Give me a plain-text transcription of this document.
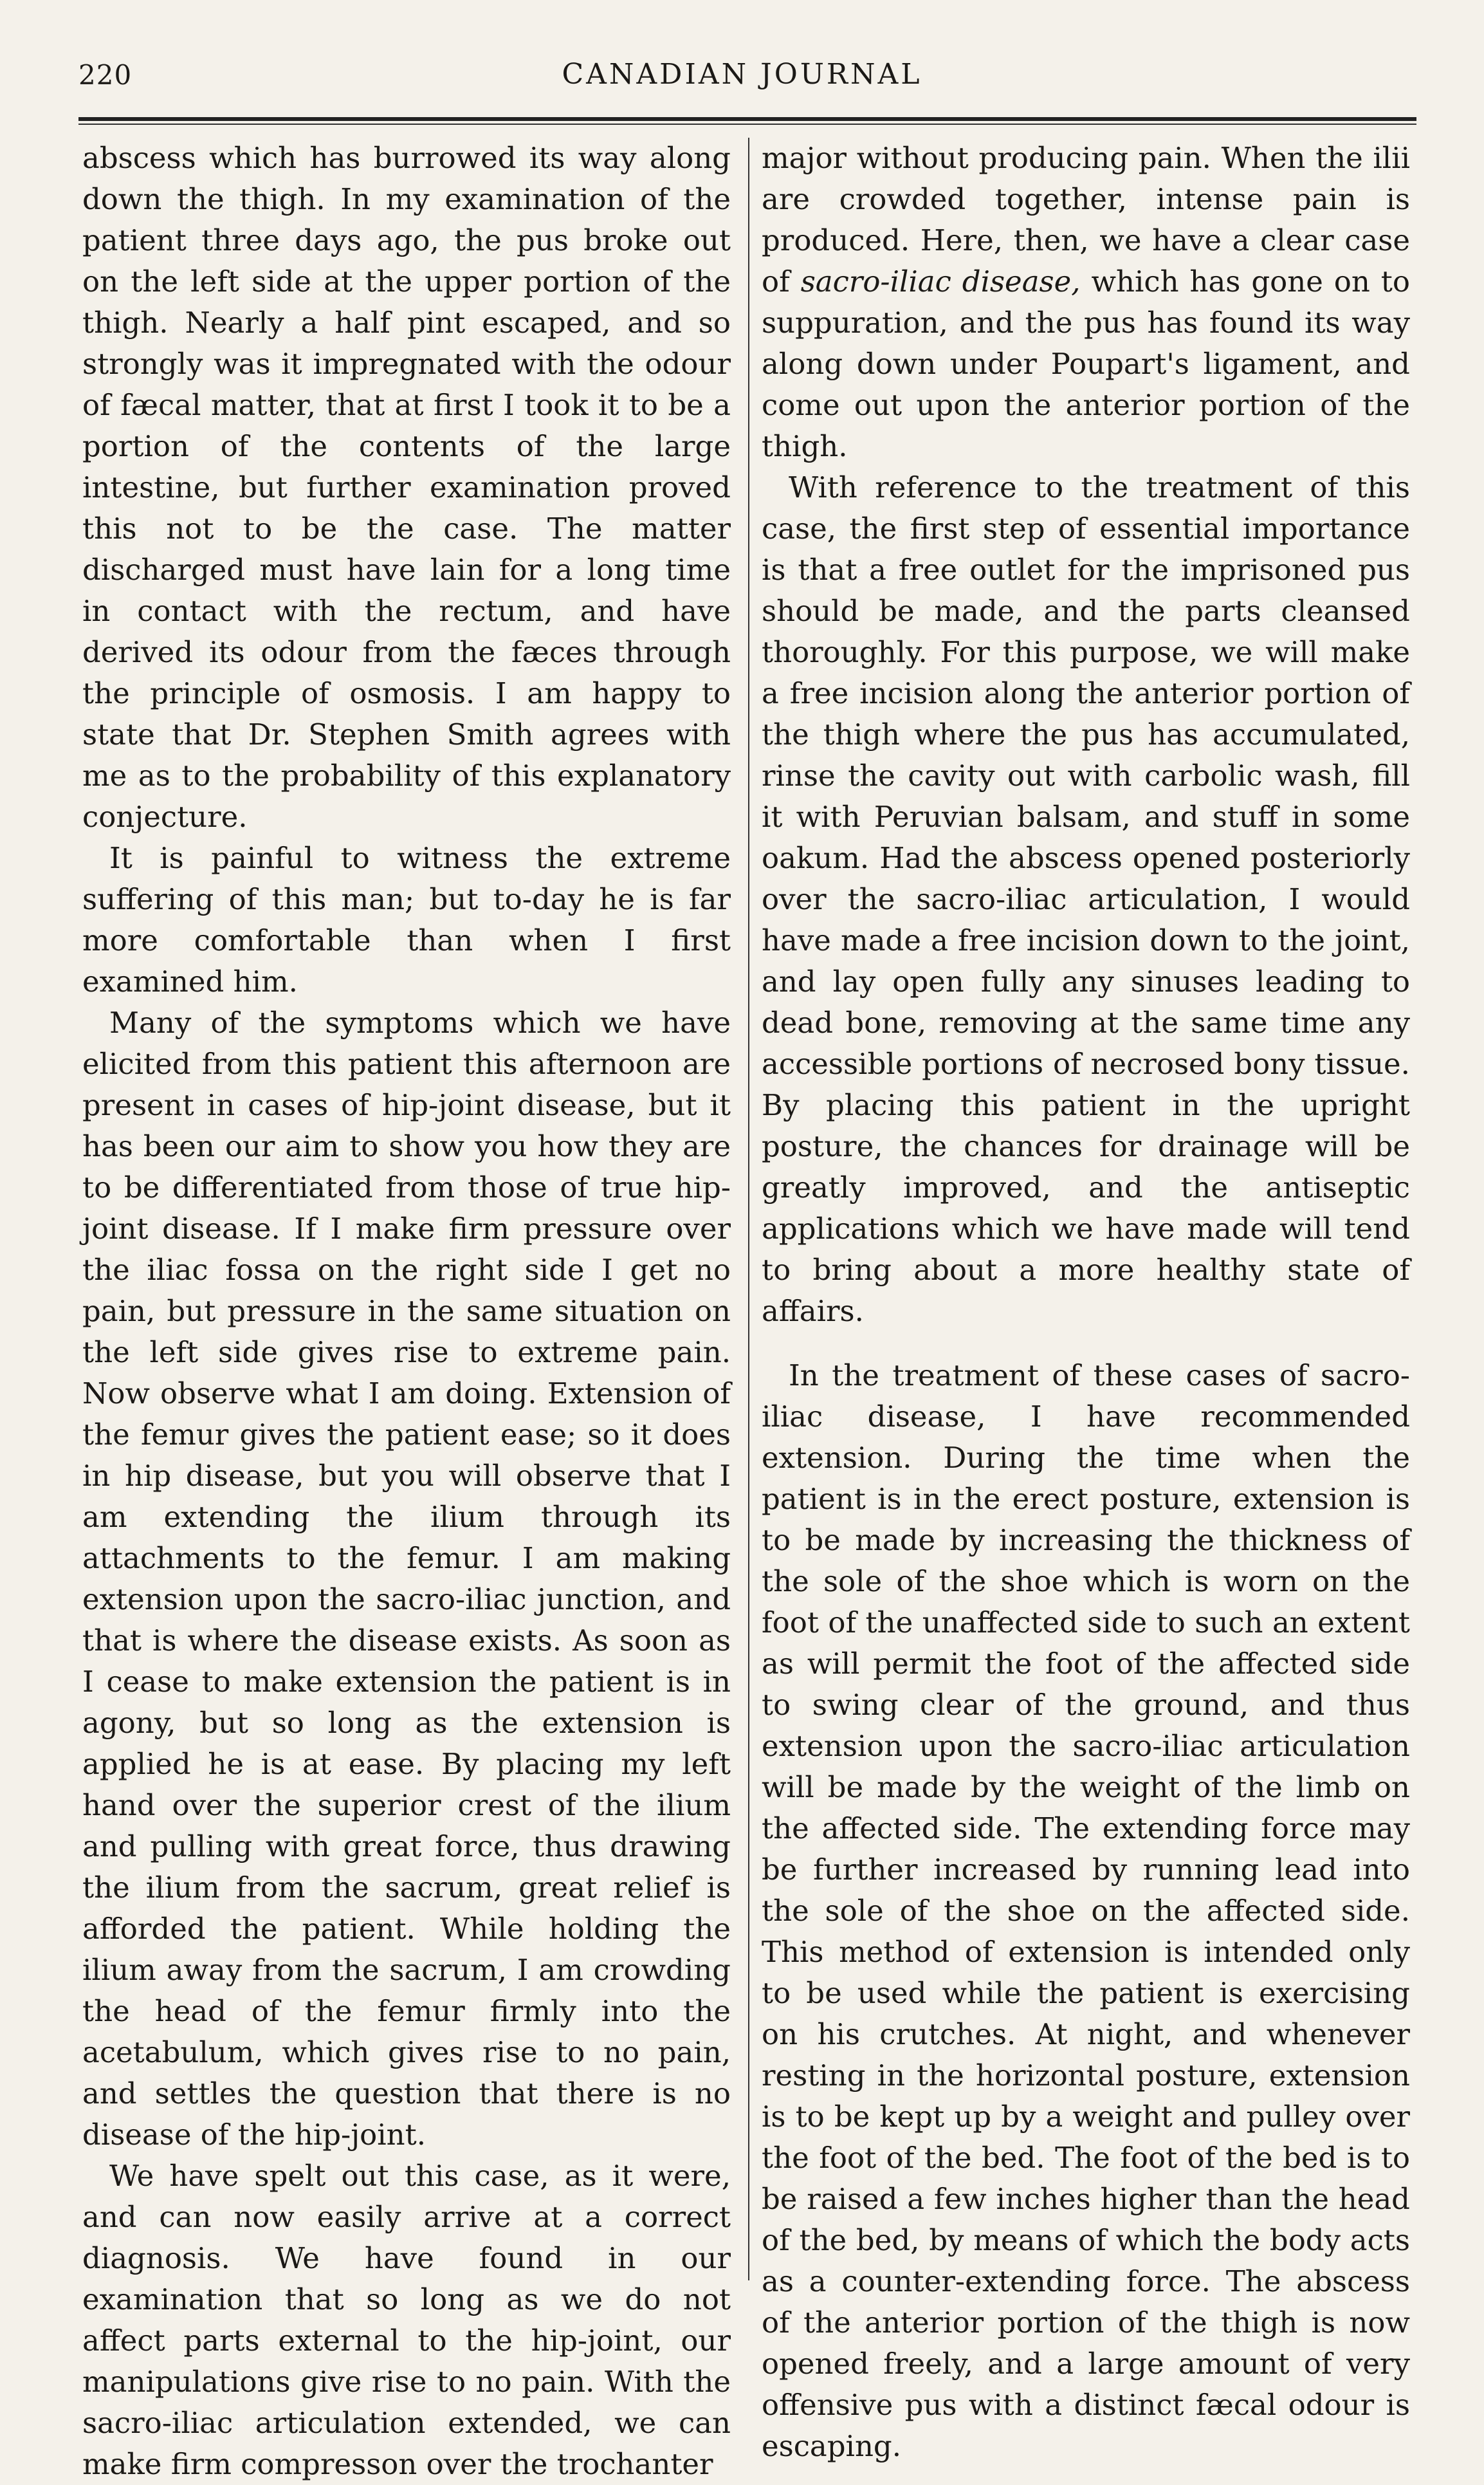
220	CANADIAN JOURNAL

abscess which has burrowed its way along down the thigh. In my examination of the patient three days ago, the pus broke out on the left side at the upper portion of the thigh. Nearly a half pint escaped, and so strongly was it impregnated with the odour of fæcal matter, that at first I took it to be a portion of the contents of the large intestine, but further examination proved this not to be the case. The matter discharged must have lain for a long time in contact with the rectum, and have derived its odour from the fæces through the principle of osmosis. I am happy to state that Dr. Stephen Smith agrees with me as to the probability of this explanatory conjecture.

It is painful to witness the extreme suffering of this man; but to-day he is far more comfortable than when I first examined him.

Many of the symptoms which we have elicited from this patient this afternoon are present in cases of hip-joint disease, but it has been our aim to show you how they are to be differentiated from those of true hip-joint disease. If I make firm pressure over the iliac fossa on the right side I get no pain, but pressure in the same situation on the left side gives rise to extreme pain. Now observe what I am doing. Extension of the femur gives the patient ease; so it does in hip disease, but you will observe that I am extending the ilium through its attachments to the femur. I am making extension upon the sacro-iliac junction, and that is where the disease exists. As soon as I cease to make extension the patient is in agony, but so long as the extension is applied he is at ease. By placing my left hand over the superior crest of the ilium and pulling with great force, thus drawing the ilium from the sacrum, great relief is afforded the patient. While holding the ilium away from the sacrum, I am crowding the head of the femur firmly into the acetabulum, which gives rise to no pain, and settles the question that there is no disease of the hip-joint.

We have spelt out this case, as it were, and can now easily arrive at a correct diagnosis. We have found in our examination that so long as we do not affect parts external to the hip-joint, our manipulations give rise to no pain. With the sacro-iliac articulation extended, we can make firm compresson over the trochanter

major without producing pain. When the ilii are crowded together, intense pain is produced. Here, then, we have a clear case of sacro-iliac disease, which has gone on to suppuration, and the pus has found its way along down under Poupart's ligament, and come out upon the anterior portion of the thigh.

With reference to the treatment of this case, the first step of essential importance is that a free outlet for the imprisoned pus should be made, and the parts cleansed thoroughly. For this purpose, we will make a free incision along the anterior portion of the thigh where the pus has accumulated, rinse the cavity out with carbolic wash, fill it with Peruvian balsam, and stuff in some oakum. Had the abscess opened posteriorly over the sacro-iliac articulation, I would have made a free incision down to the joint, and lay open fully any sinuses leading to dead bone, removing at the same time any accessible portions of necrosed bony tissue. By placing this patient in the upright posture, the chances for drainage will be greatly improved, and the antiseptic applications which we have made will tend to bring about a more healthy state of affairs.

In the treatment of these cases of sacro-iliac disease, I have recommended extension. During the time when the patient is in the erect posture, extension is to be made by increasing the thickness of the sole of the shoe which is worn on the foot of the unaffected side to such an extent as will permit the foot of the affected side to swing clear of the ground, and thus extension upon the sacro-iliac articulation will be made by the weight of the limb on the affected side. The extending force may be further increased by running lead into the sole of the shoe on the affected side. This method of extension is intended only to be used while the patient is exercising on his crutches. At night, and whenever resting in the horizontal posture, extension is to be kept up by a weight and pulley over the foot of the bed. The foot of the bed is to be raised a few inches higher than the head of the bed, by means of which the body acts as a counter-extending force. The abscess of the anterior portion of the thigh is now opened freely, and a large amount of very offensive pus with a distinct fæcal odour is escaping.
